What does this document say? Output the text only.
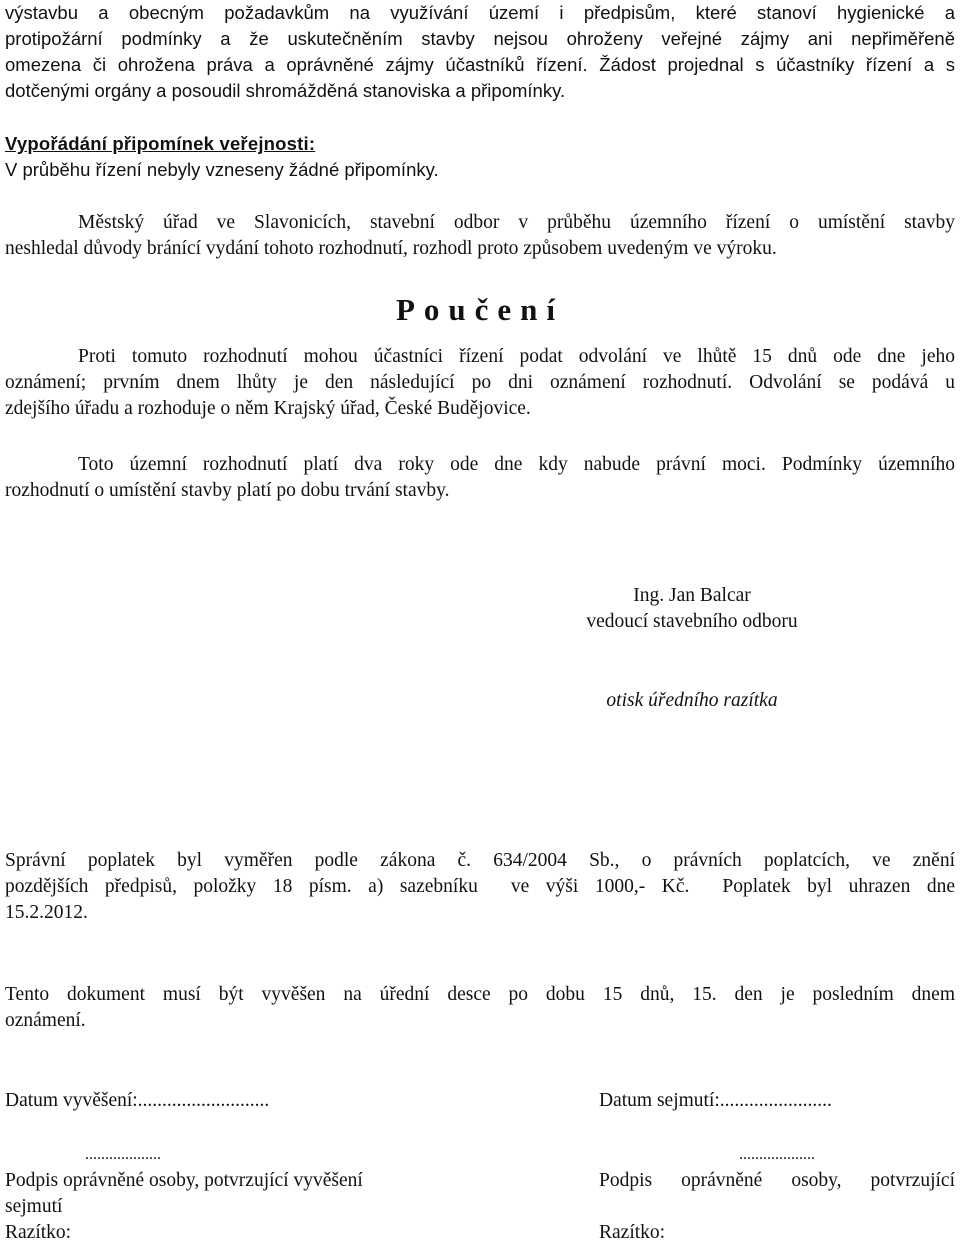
výstavbu a obecným požadavkům na využívání území i předpisům, které stanoví hygienické a
protipožární podmínky a že uskutečněním stavby nejsou ohroženy veřejné zájmy ani nepřiměřeně
omezena či ohrožena práva a oprávněné zájmy účastníků řízení. Žádost projednal s účastníky řízení a s
dotčenými orgány a posoudil shromážděná stanoviska a připomínky.
Vypořádání připomínek veřejnosti:
V průběhu řízení nebyly vzneseny žádné připomínky.
Městský úřad ve Slavonicích, stavební odbor v průběhu územního řízení o umístění stavby
neshledal důvody bránící vydání tohoto rozhodnutí, rozhodl proto způsobem uvedeným ve výroku.
Poučení
Proti tomuto rozhodnutí mohou účastníci řízení podat odvolání ve lhůtě 15 dnů ode dne jeho
oznámení; prvním dnem lhůty je den následující po dni oznámení rozhodnutí. Odvolání se podává u
zdejšího úřadu a rozhoduje o něm Krajský úřad, České Budějovice.
Toto územní rozhodnutí platí dva roky ode dne kdy nabude právní moci. Podmínky územního
rozhodnutí o umístění stavby platí po dobu trvání stavby.
Ing. Jan Balcar
vedoucí stavebního odboru
otisk úředního razítka
Správní poplatek byl vyměřen podle zákona č. 634/2004 Sb., o právních poplatcích, ve znění
pozdějších předpisů, položky 18 písm. a) sazebníku  ve výši 1000,- Kč.  Poplatek byl uhrazen dne
15.2.2012.
Tento dokument musí být vyvěšen na úřední desce po dobu 15 dnů, 15. den je posledním dnem
oznámení.
Datum vyvěšení:...........................
...................
Podpis oprávněné osoby, potvrzující vyvěšení
sejmutí
Razítko:
Datum sejmutí:.......................
...................
Podpis oprávněné osoby, potvrzující
Razítko:
